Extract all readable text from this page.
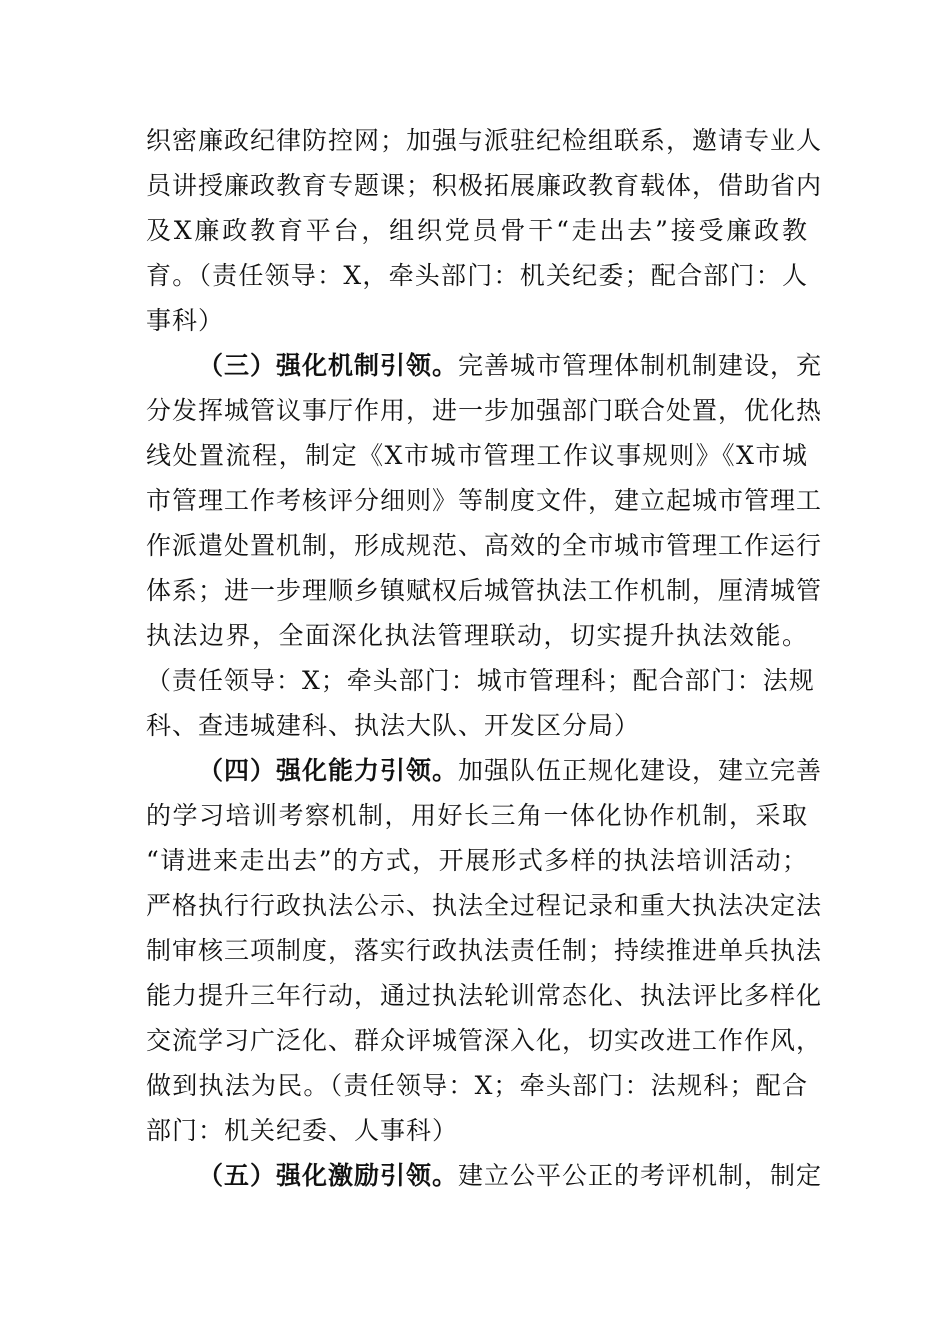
织密廉政纪律防控网；加强与派驻纪检组联系，邀请专业人
员讲授廉政教育专题课；积极拓展廉政教育载体，借助省内
及X廉政教育平台，组织党员骨干“走出去”接受廉政教
育。（责任领导：X，牵头部门：机关纪委；配合部门：人
事科）
（三）强化机制引领。完善城市管理体制机制建设，充
分发挥城管议事厅作用，进一步加强部门联合处置，优化热
线处置流程，制定《X市城市管理工作议事规则》《X市城
市管理工作考核评分细则》等制度文件，建立起城市管理工
作派遣处置机制，形成规范、高效的全市城市管理工作运行
体系；进一步理顺乡镇赋权后城管执法工作机制，厘清城管
执法边界，全面深化执法管理联动，切实提升执法效能。
（责任领导：X；牵头部门：城市管理科；配合部门：法规
科、查违城建科、执法大队、开发区分局）
（四）强化能力引领。加强队伍正规化建设，建立完善
的学习培训考察机制，用好长三角一体化协作机制，采取
“请进来走出去”的方式，开展形式多样的执法培训活动；
严格执行行政执法公示、执法全过程记录和重大执法决定法
制审核三项制度，落实行政执法责任制；持续推进单兵执法
能力提升三年行动，通过执法轮训常态化、执法评比多样化
交流学习广泛化、群众评城管深入化，切实改进工作作风，
做到执法为民。（责任领导：X；牵头部门：法规科；配合
部门：机关纪委、人事科）
（五）强化激励引领。建立公平公正的考评机制，制定
